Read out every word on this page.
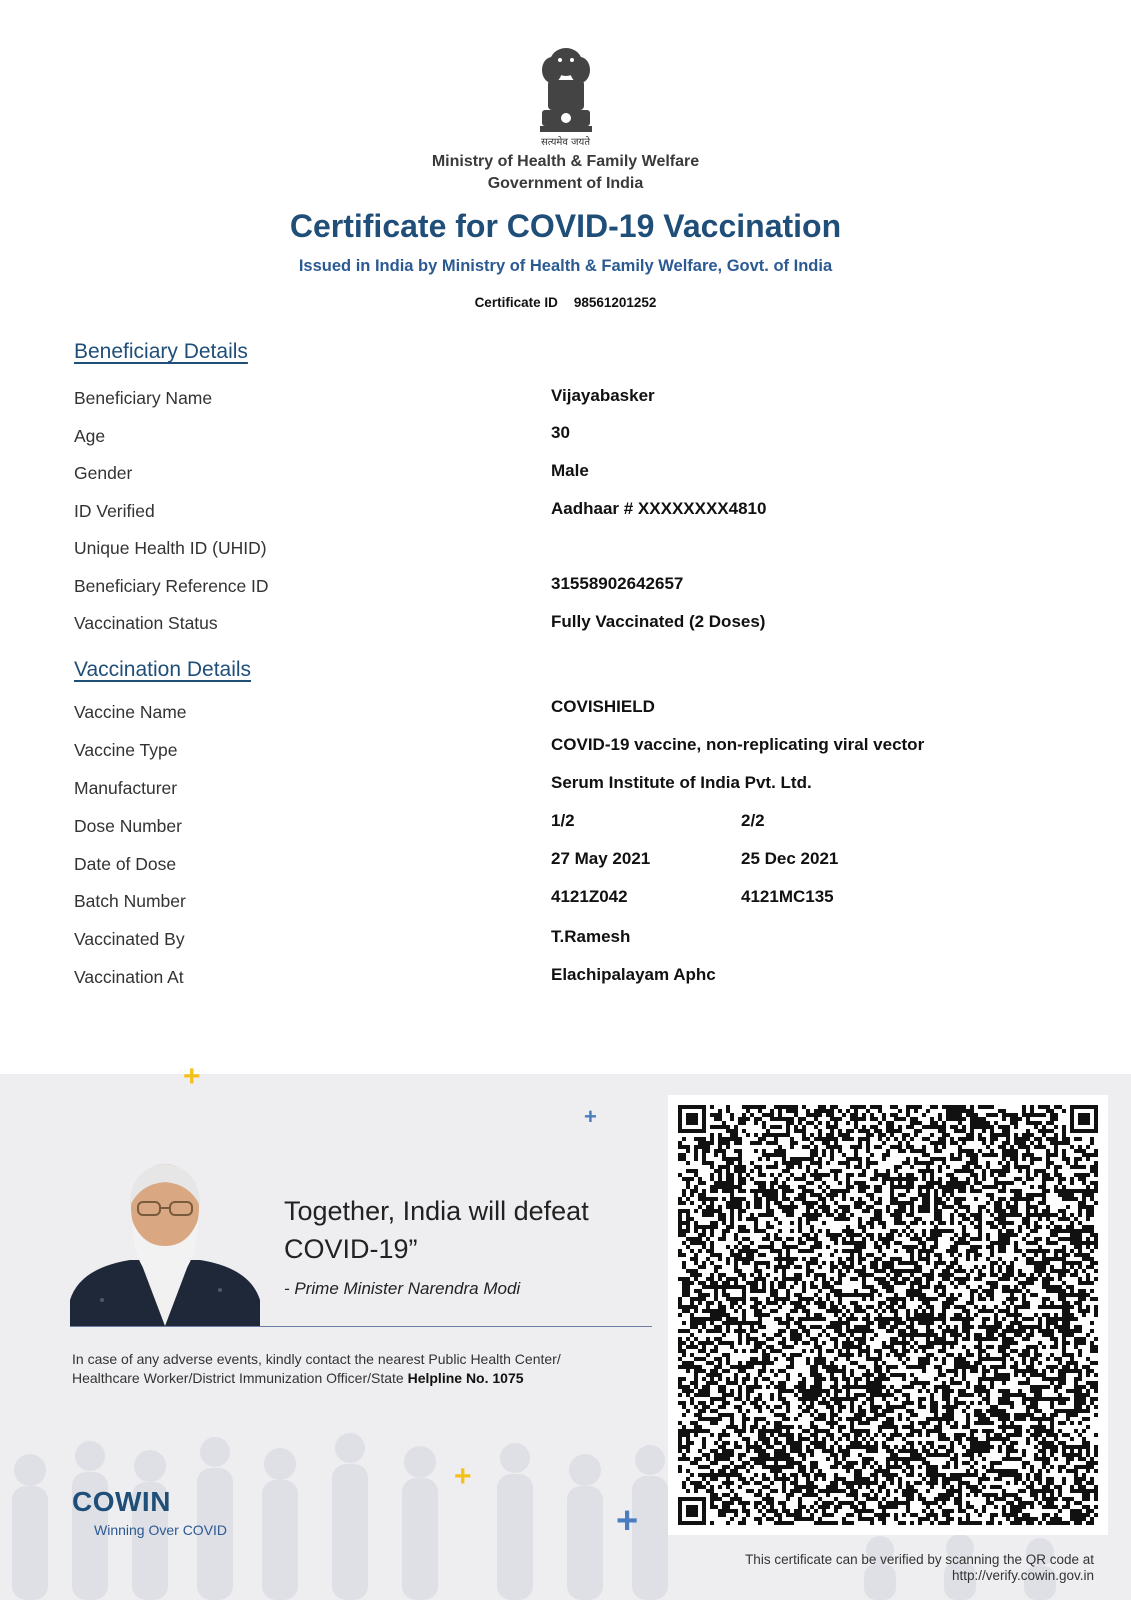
सत्यमेव जयते
Ministry of Health & Family Welfare
Government of India
Certificate for COVID-19 Vaccination
Issued in India by Ministry of Health & Family Welfare, Govt. of India
Certificate ID 98561201252
Beneficiary Details
Beneficiary Name	Vijayabasker
Age	30
Gender	Male
ID Verified	Aadhaar # XXXXXXXX4810
Unique Health ID (UHID)
Beneficiary Reference ID	31558902642657
Vaccination Status	Fully Vaccinated (2 Doses)
Vaccination Details
Vaccine Name	COVISHIELD
Vaccine Type	COVID-19 vaccine, non-replicating viral vector
Manufacturer	Serum Institute of India Pvt. Ltd.
Dose Number	1/2	2/2
Date of Dose	27 May 2021	25 Dec 2021
Batch Number	4121Z042	4121MC135
Vaccinated By	T.Ramesh
Vaccination At	Elachipalayam Aphc
+
+
+
+
Together, India will defeat
COVID-19”
- Prime Minister Narendra Modi
In case of any adverse events, kindly contact the nearest Public Health Center/
Healthcare Worker/District Immunization Officer/State Helpline No. 1075
COWIN
Winning Over COVID
This certificate can be verified by scanning the QR code at
http://verify.cowin.gov.in
